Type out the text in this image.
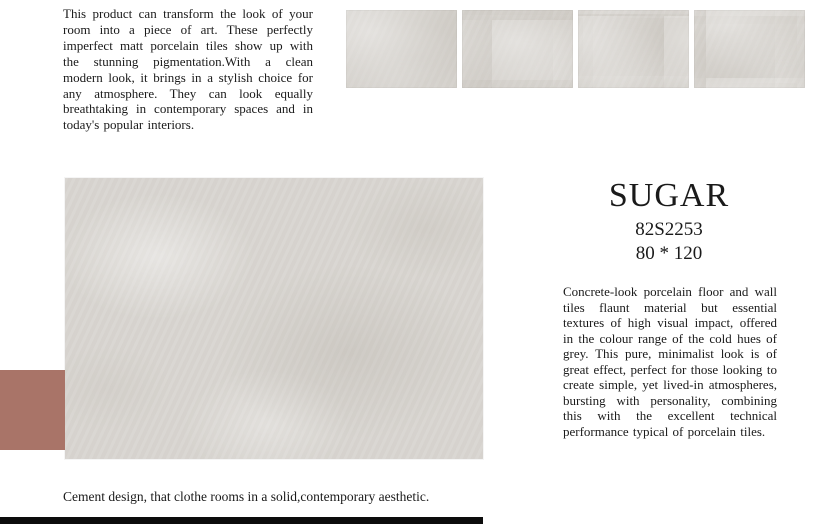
This product can transform the look of your room into a piece of art. These perfectly imperfect matt porcelain tiles show up with the stunning pigmentation.With a clean modern look, it brings in a stylish choice for any atmosphere. They can look equally breathtaking in contemporary spaces and in today's popular interiors.

SUGAR
82S2253
80 * 120

Concrete-look porcelain floor and wall tiles flaunt material but essential textures of high visual impact, offered in the colour range of the cold hues of grey. This pure, minimalist look is of great effect, perfect for those looking to create simple, yet lived-in atmospheres, bursting with personality, combining this with the excellent technical performance typical of porcelain tiles.

Cement design, that clothe rooms in a solid,contemporary aesthetic.
